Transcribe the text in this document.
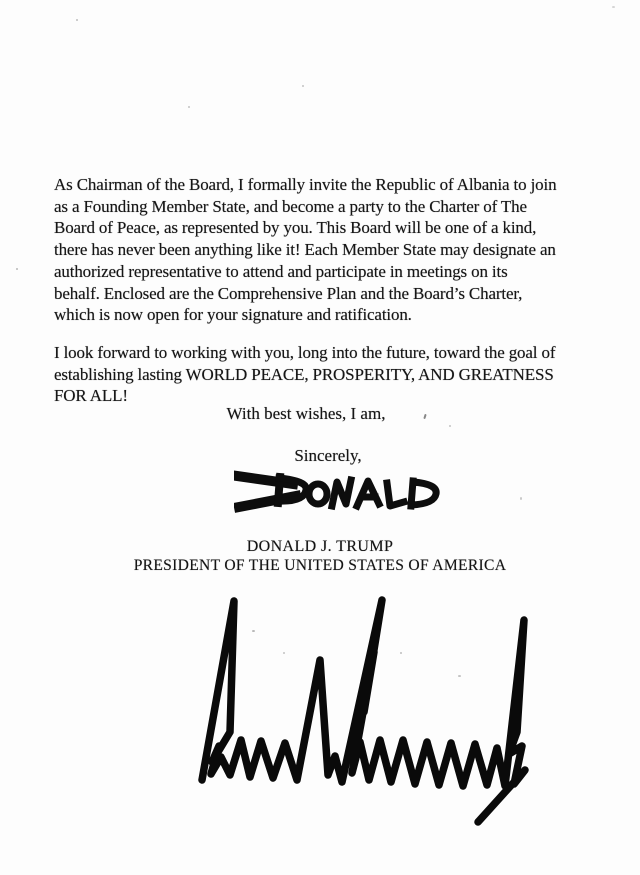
As Chairman of the Board, I formally invite the Republic of Albania to join
as a Founding Member State, and become a party to the Charter of The
Board of Peace, as represented by you. This Board will be one of a kind,
there has never been anything like it! Each Member State may designate an
authorized representative to attend and participate in meetings on its
behalf. Enclosed are the Comprehensive Plan and the Board’s Charter,
which is now open for your signature and ratification.
I look forward to working with you, long into the future, toward the goal of
establishing lasting WORLD PEACE, PROSPERITY, AND GREATNESS
FOR ALL!
With best wishes, I am,
Sincerely,
DONALD J. TRUMP
PRESIDENT OF THE UNITED STATES OF AMERICA
